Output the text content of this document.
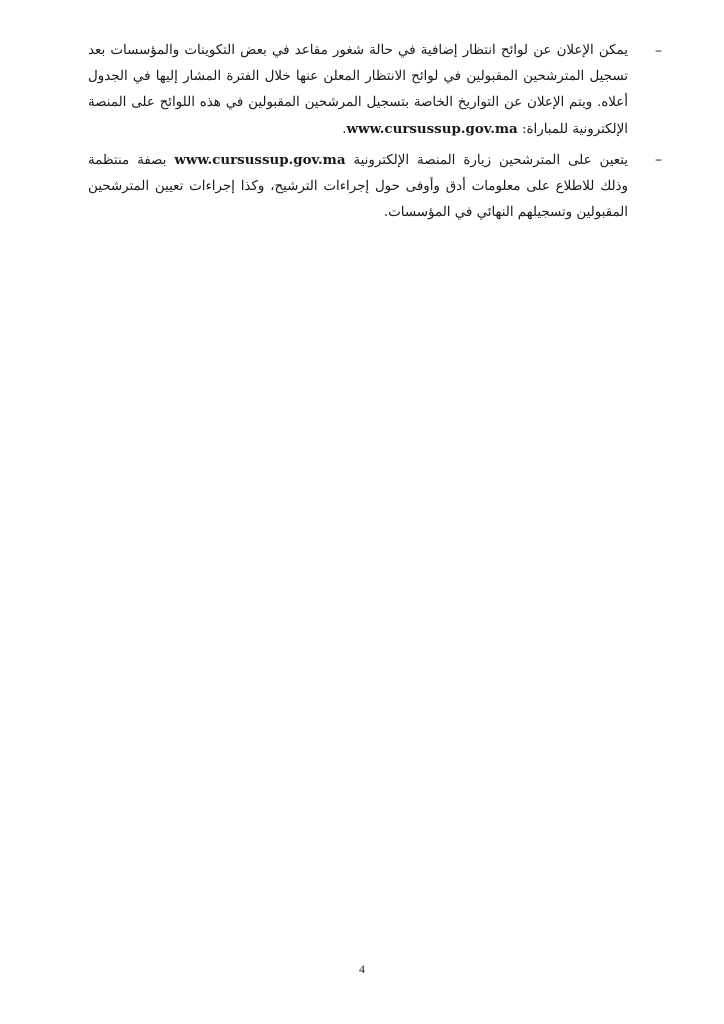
–
يمكن الإعلان عن لوائح انتظار إضافية في حالة شغور مقاعد في بعض التكوينات والمؤسسات بعد تسجيل المترشحين المقبولين في لوائح الانتظار المعلن عنها خلال الفترة المشار إليها في الجدول أعلاه. ويتم الإعلان عن التواريخ الخاصة بتسجيل المرشحين المقبولين في هذه اللوائح على المنصة الإلكترونية للمباراة: www.cursussup.gov.ma.

–
يتعين على المترشحين زيارة المنصة الإلكترونية www.cursussup.gov.ma بصفة منتظمة وذلك للاطلاع على معلومات أدق وأوفى حول إجراءات الترشيح، وكذا إجراءات تعيين المترشحين المقبولين وتسجيلهم النهائي في المؤسسات.

4
